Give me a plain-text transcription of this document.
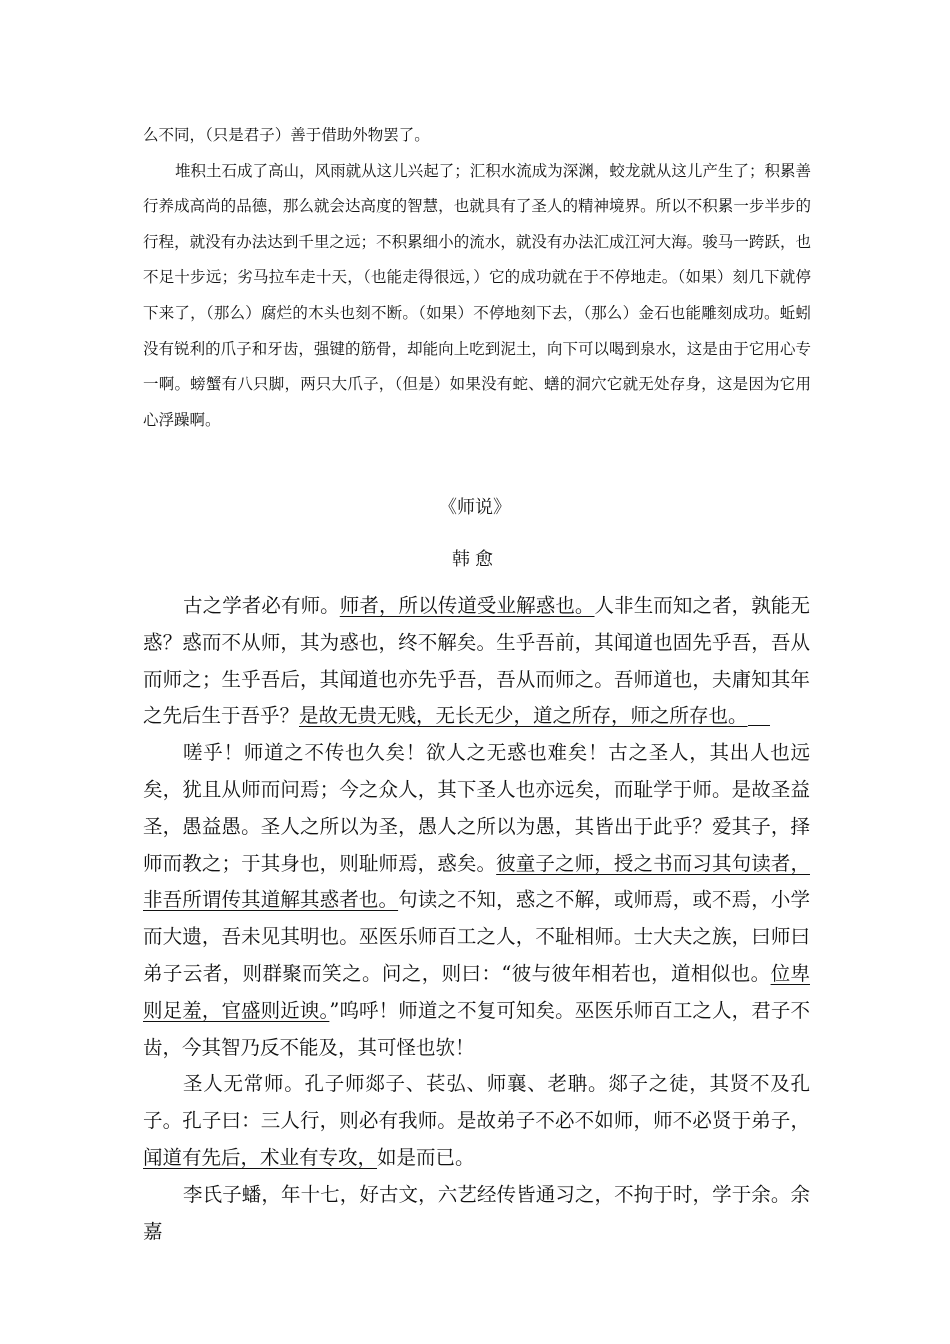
么不同，（只是君子）善于借助外物罢了。

堆积土石成了高山，风雨就从这儿兴起了；汇积水流成为深渊，蛟龙就从这儿产生了；积累善行养成高尚的品德，那么就会达高度的智慧，也就具有了圣人的精神境界。所以不积累一步半步的行程，就没有办法达到千里之远；不积累细小的流水，就没有办法汇成江河大海。骏马一跨跃，也不足十步远；劣马拉车走十天，（也能走得很远，）它的成功就在于不停地走。（如果）刻几下就停下来了，（那么）腐烂的木头也刻不断。（如果）不停地刻下去，（那么）金石也能雕刻成功。蚯蚓没有锐利的爪子和牙齿，强键的筋骨，却能向上吃到泥土，向下可以喝到泉水，这是由于它用心专一啊。螃蟹有八只脚，两只大爪子，（但是）如果没有蛇、蟮的洞穴它就无处存身，这是因为它用心浮躁啊。

《师说》
韩愈

古之学者必有师。师者，所以传道受业解惑也。人非生而知之者，孰能无惑？惑而不从师，其为惑也，终不解矣。生乎吾前，其闻道也固先乎吾，吾从而师之；生乎吾后，其闻道也亦先乎吾，吾从而师之。吾师道也，夫庸知其年之先后生于吾乎？是故无贵无贱，无长无少，道之所存，师之所存也。

嗟乎！师道之不传也久矣！欲人之无惑也难矣！古之圣人，其出人也远矣，犹且从师而问焉；今之众人，其下圣人也亦远矣，而耻学于师。是故圣益圣，愚益愚。圣人之所以为圣，愚人之所以为愚，其皆出于此乎？爱其子，择师而教之；于其身也，则耻师焉，惑矣。彼童子之师，授之书而习其句读者，非吾所谓传其道解其惑者也。句读之不知，惑之不解，或师焉，或不焉，小学而大遗，吾未见其明也。巫医乐师百工之人，不耻相师。士大夫之族，曰师曰弟子云者，则群聚而笑之。问之，则曰：“彼与彼年相若也，道相似也。位卑则足羞，官盛则近谀。”呜呼！师道之不复可知矣。巫医乐师百工之人，君子不齿，今其智乃反不能及，其可怪也欤！

圣人无常师。孔子师郯子、苌弘、师襄、老聃。郯子之徒，其贤不及孔子。孔子曰：三人行，则必有我师。是故弟子不必不如师，师不必贤于弟子，闻道有先后，术业有专攻，如是而已。

李氏子蟠，年十七，好古文，六艺经传皆通习之，不拘于时，学于余。余嘉
